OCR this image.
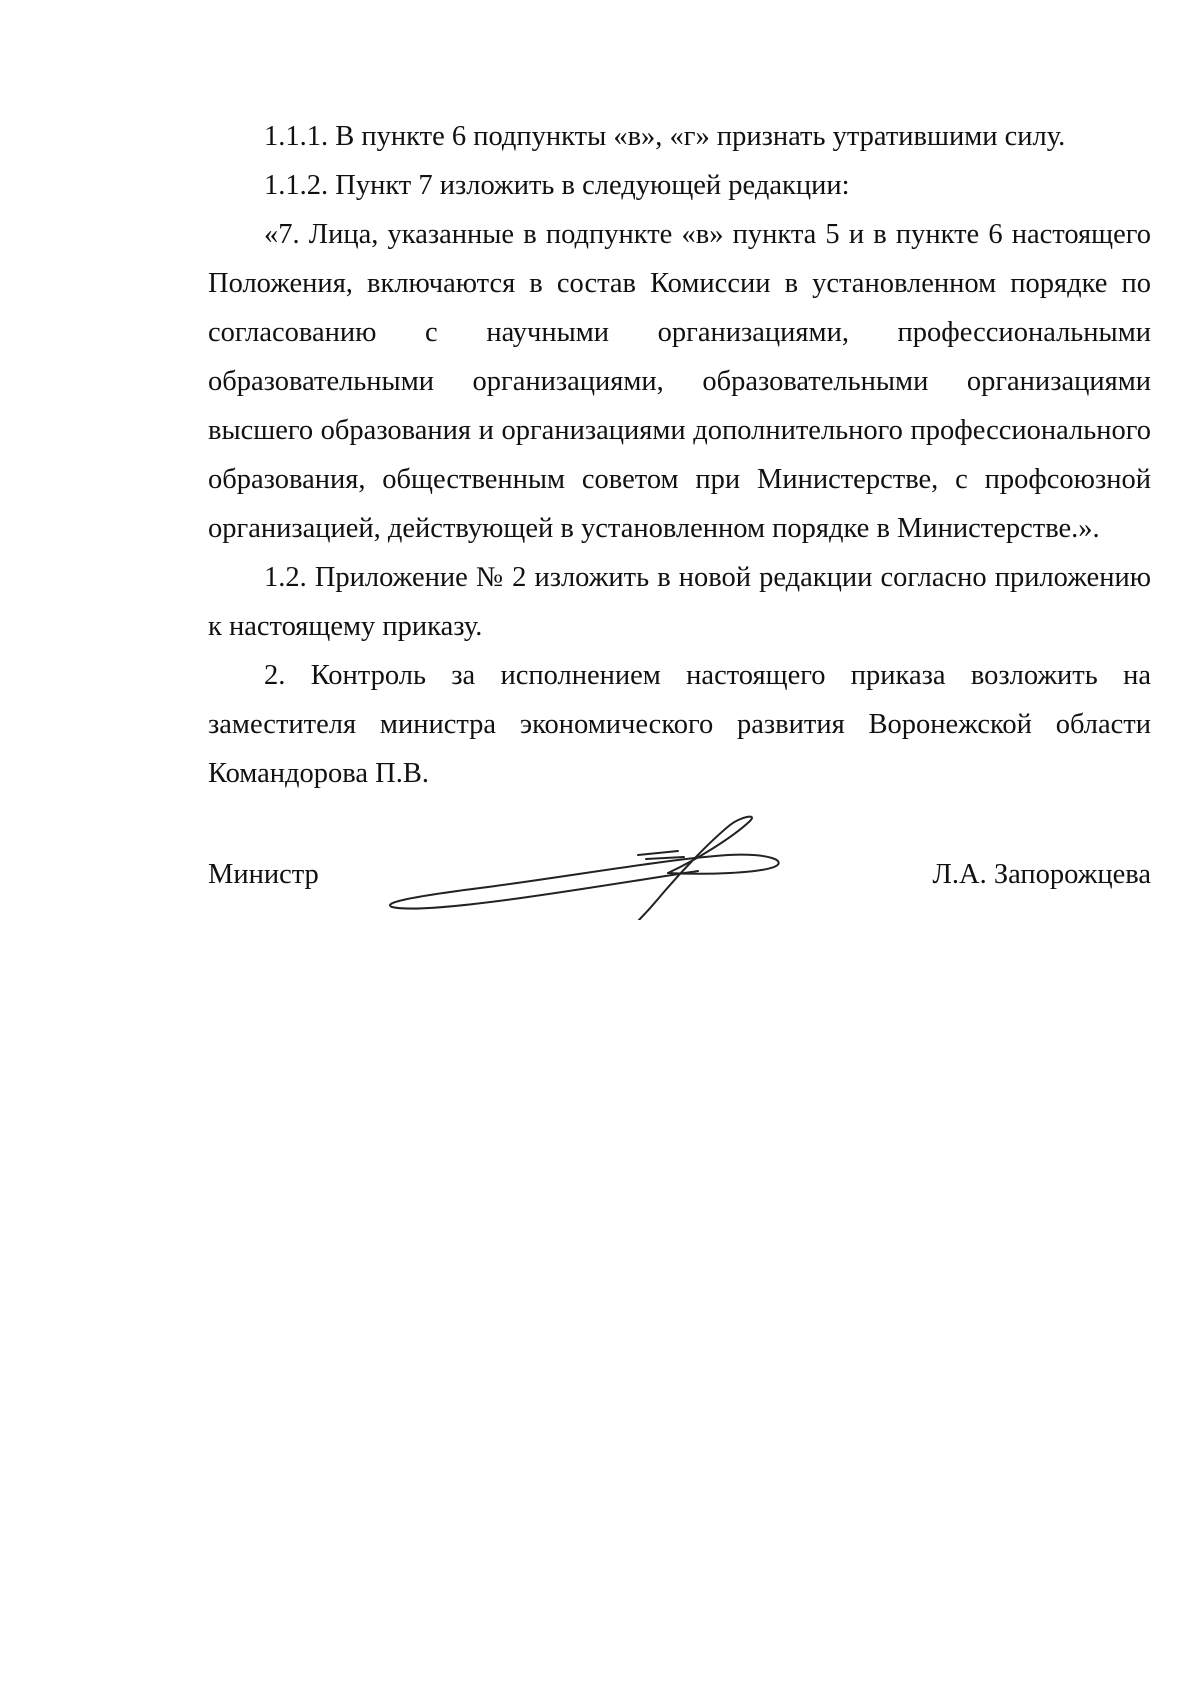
1.1.1. В пункте 6 подпункты «в», «г» признать утратившими силу.

1.1.2. Пункт 7 изложить в следующей редакции:

«7. Лица, указанные в подпункте «в» пункта 5 и в пункте 6 настоящего Положения, включаются в состав Комиссии в установленном порядке по согласованию с научными организациями, профессиональными образовательными организациями, образовательными организациями высшего образования и организациями дополнительного профессионального образования, общественным советом при Министерстве, с профсоюзной организацией, действующей в установленном порядке в Министерстве.».

1.2. Приложение № 2 изложить в новой редакции согласно приложению к настоящему приказу.

2. Контроль за исполнением настоящего приказа возложить на заместителя министра экономического развития Воронежской области Командорова П.В.

Министр	Л.А. Запорожцева
